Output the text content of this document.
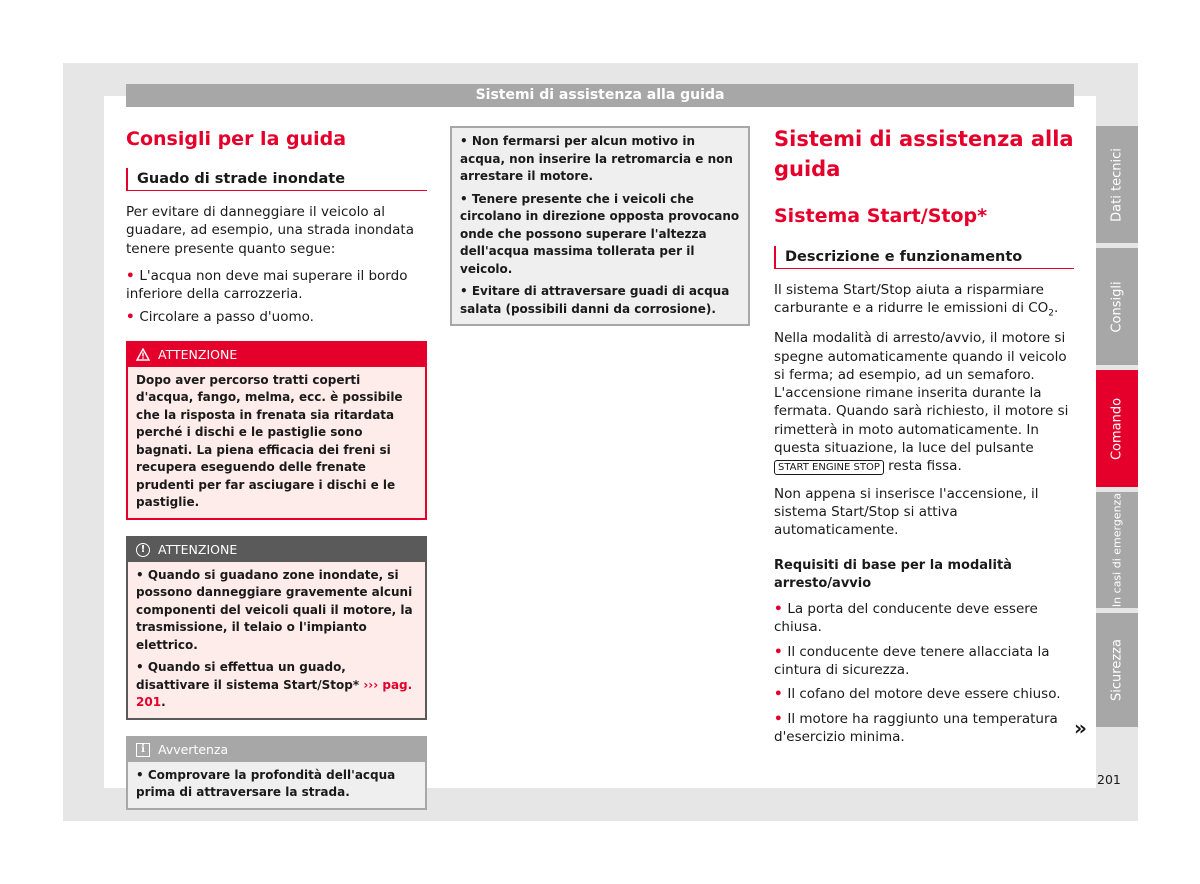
Sistemi di assistenza alla guida
Consigli per la guida
Guado di strade inondate
Per evitare di danneggiare il veicolo al guadare, ad esempio, una strada inondata tenere presente quanto segue:
• L'acqua non deve mai superare il bordo inferiore della carrozzeria.
• Circolare a passo d'uomo.
ATTENZIONE
Dopo aver percorso tratti coperti d'acqua, fango, melma, ecc. è possibile che la risposta in frenata sia ritardata perché i dischi e le pastiglie sono bagnati. La piena efficacia dei freni si recupera eseguendo delle frenate prudenti per far asciugare i dischi e le pastiglie.
!	ATTENZIONE
• Quando si guadano zone inondate, si possono danneggiare gravemente alcuni componenti del veicoli quali il motore, la trasmissione, il telaio o l'impianto elettrico.
• Quando si effettua un guado, disattivare il sistema Start/Stop* ››› pag. 201.
i	Avvertenza
• Comprovare la profondità dell'acqua prima di attraversare la strada.
• Non fermarsi per alcun motivo in acqua, non inserire la retromarcia e non arrestare il motore.
• Tenere presente che i veicoli che circolano in direzione opposta provocano onde che possono superare l'altezza dell'acqua massima tollerata per il veicolo.
• Evitare di attraversare guadi di acqua salata (possibili danni da corrosione).
Sistemi di assistenza alla guida
Sistema Start/Stop*
Descrizione e funzionamento
Il sistema Start/Stop aiuta a risparmiare carburante e a ridurre le emissioni di $CO_2$.
Nella modalità di arresto/avvio, il motore si spegne automaticamente quando il veicolo si ferma; ad esempio, ad un semaforo. L'accensione rimane inserita durante la fermata. Quando sarà richiesto, il motore si rimetterà in moto automaticamente. In questa situazione, la luce del pulsante START ENGINE STOP resta fissa.
Non appena si inserisce l'accensione, il sistema Start/Stop si attiva automaticamente.
Requisiti di base per la modalità arresto/avvio
• La porta del conducente deve essere chiusa.
• Il conducente deve tenere allacciata la cintura di sicurezza.
• Il cofano del motore deve essere chiuso.
• Il motore ha raggiunto una temperatura d'esercizio minima.	»
Dati tecnici
Consigli
Comando
In casi di emergenza
Sicurezza
201
